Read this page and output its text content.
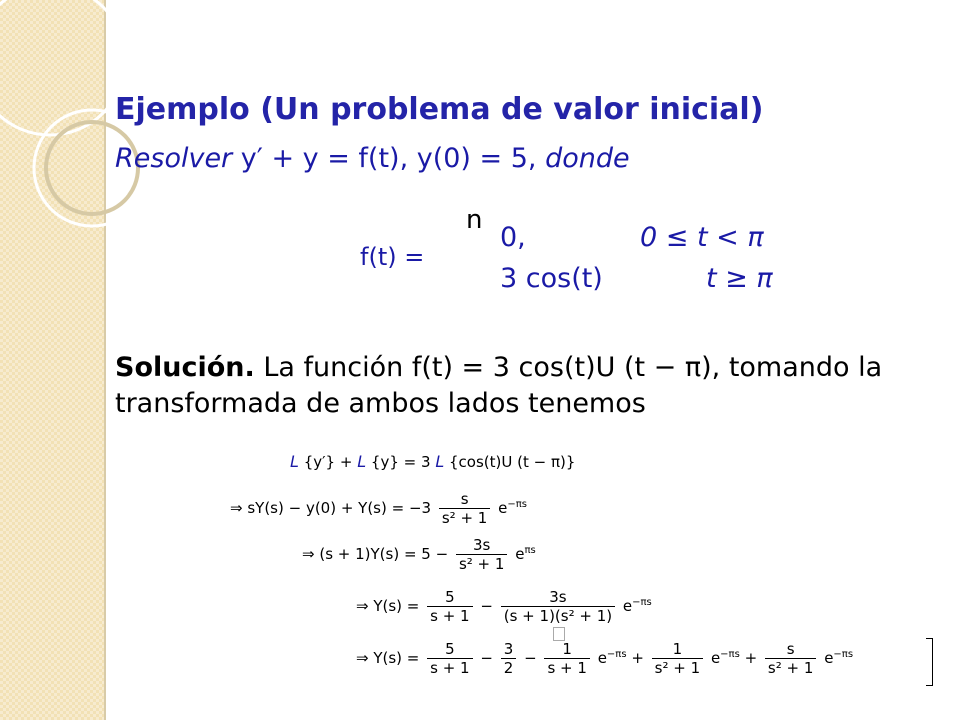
Ejemplo (Un problema de valor inicial)
Resolver y′ + y = f(t), y(0) = 5, donde
f(t) =
n
0,
3 cos(t)
0 ≤ t < π
t ≥ π
Solución. La función f(t) = 3 cos(t)U (t − π), tomando la
transformada de ambos lados tenemos
L {y′} + L {y} = 3 L {cos(t)U (t − π)}
⇒ $sY(s) - y(0) + Y(s) = -3 \frac{s}{\text{s² + 1}} e^{-\pi s}$
⇒ $(s + 1)Y(s) = 5 - \frac{3s}{\text{s² + 1}} e^{\pi s}$
⇒ $Y(s) = \frac{5}{s + 1} - \frac{3s}{\text{(s + 1)(s² + 1)}} e^{-\pi s}$
⇒ $Y(s) = \frac{5}{s + 1} - \frac{3}{2} - \frac{1}{s + 1} e^{-\pi s} + \frac{1}{\text{s² + 1}} e^{-\pi s} + \frac{s}{\text{s² + 1}} e^{-\pi s}$
